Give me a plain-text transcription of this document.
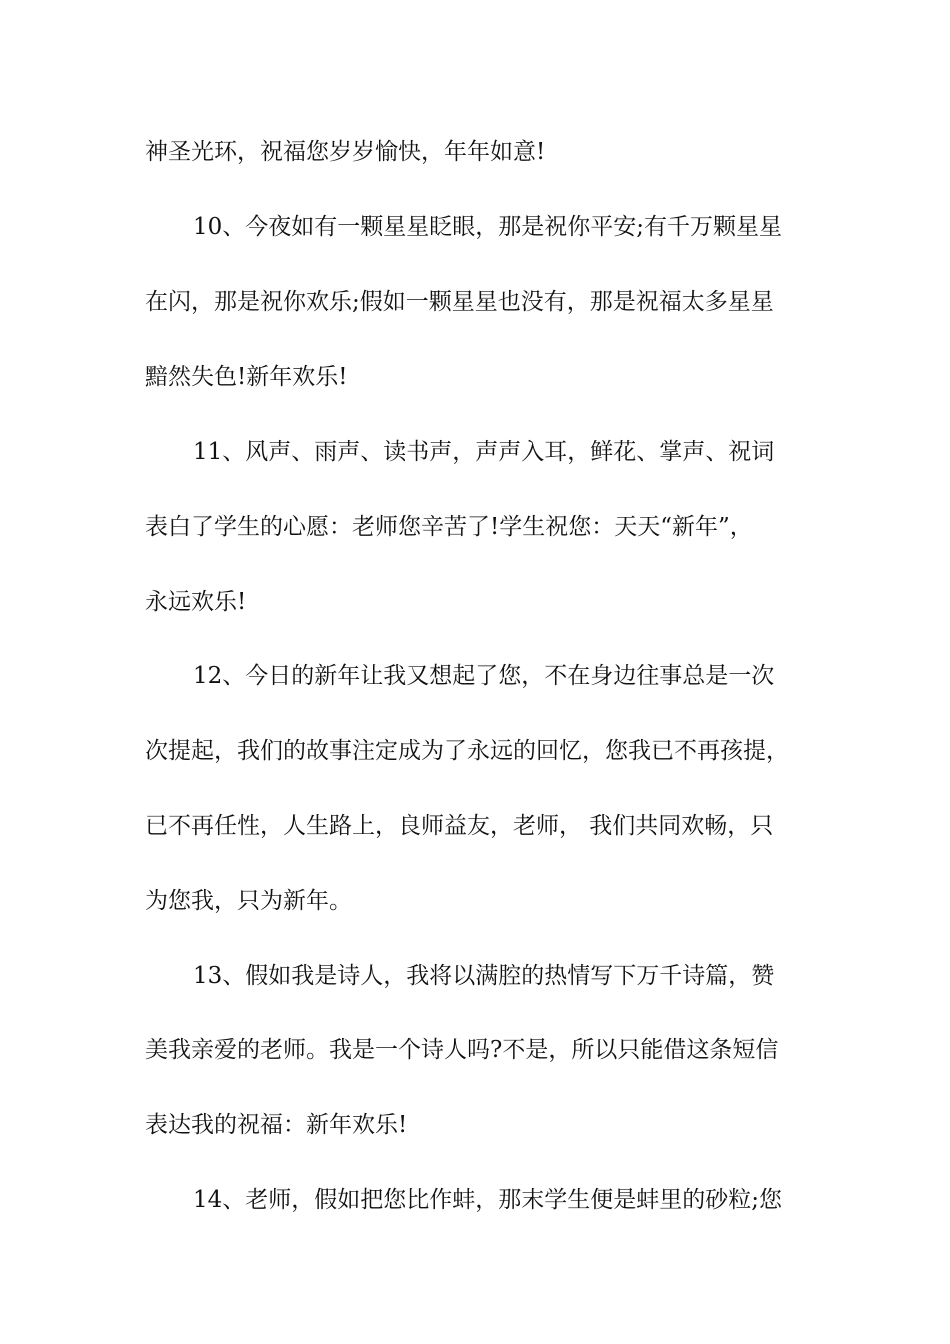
神圣光环，祝福您岁岁愉快，年年如意!
10、今夜如有一颗星星眨眼，那是祝你平安;有千万颗星星
在闪，那是祝你欢乐;假如一颗星星也没有，那是祝福太多星星
黯然失色!新年欢乐!
11、风声、雨声、读书声，声声入耳，鲜花、掌声、祝词
表白了学生的心愿：老师您辛苦了!学生祝您：天天“新年”，
永远欢乐!
12、今日的新年让我又想起了您，不在身边往事总是一次
次提起，我们的故事注定成为了永远的回忆，您我已不再孩提，
已不再任性，人生路上，良师益友，老师， 我们共同欢畅，只
为您我，只为新年。
13、假如我是诗人，我将以满腔的热情写下万千诗篇，赞
美我亲爱的老师。我是一个诗人吗?不是，所以只能借这条短信
表达我的祝福：新年欢乐!
14、老师，假如把您比作蚌，那末学生便是蚌里的砂粒;您
